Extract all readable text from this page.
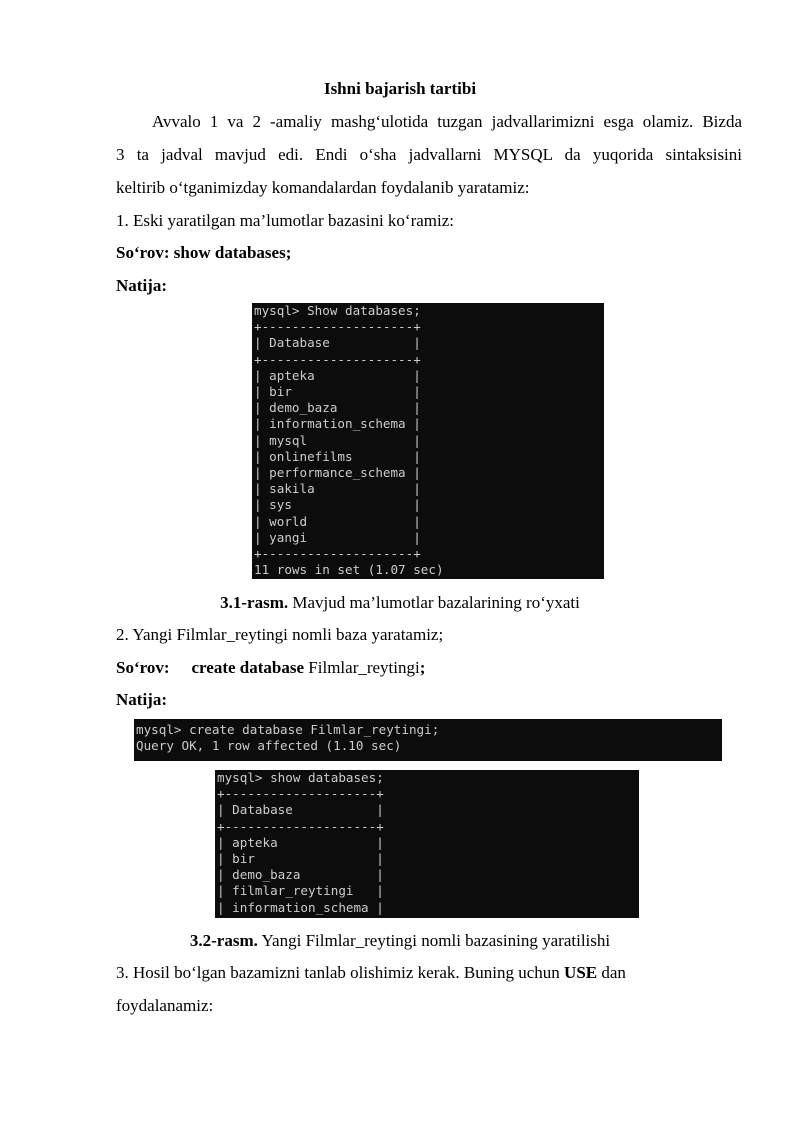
Ishni bajarish tartibi
Avvalo 1 va 2 -amaliy mashg‘ulotida tuzgan jadvallarimizni esga olamiz. Bizda
3 ta jadval mavjud edi. Endi o‘sha jadvallarni MYSQL da yuqorida sintaksisini
keltirib o‘tganimizday komandalardan foydalanib yaratamiz:
1. Eski yaratilgan ma’lumotlar bazasini ko‘ramiz:
So‘rov: show databases;
Natija:
mysql> Show databases;
+--------------------+
| Database           |
+--------------------+
| apteka             |
| bir                |
| demo_baza          |
| information_schema |
| mysql              |
| onlinefilms        |
| performance_schema |
| sakila             |
| sys                |
| world              |
| yangi              |
+--------------------+
11 rows in set (1.07 sec)
3.1-rasm. Mavjud ma’lumotlar bazalarining ro‘yxati
2. Yangi Filmlar_reytingi nomli baza yaratamiz;
So‘rov: create database Filmlar_reytingi;
Natija:
mysql> create database Filmlar_reytingi;
Query OK, 1 row affected (1.10 sec)
mysql> show databases;
+--------------------+
| Database           |
+--------------------+
| apteka             |
| bir                |
| demo_baza          |
| filmlar_reytingi   |
| information_schema |
3.2-rasm. Yangi Filmlar_reytingi nomli bazasining yaratilishi
3. Hosil bo‘lgan bazamizni tanlab olishimiz kerak. Buning uchun USE dan
foydalanamiz:
